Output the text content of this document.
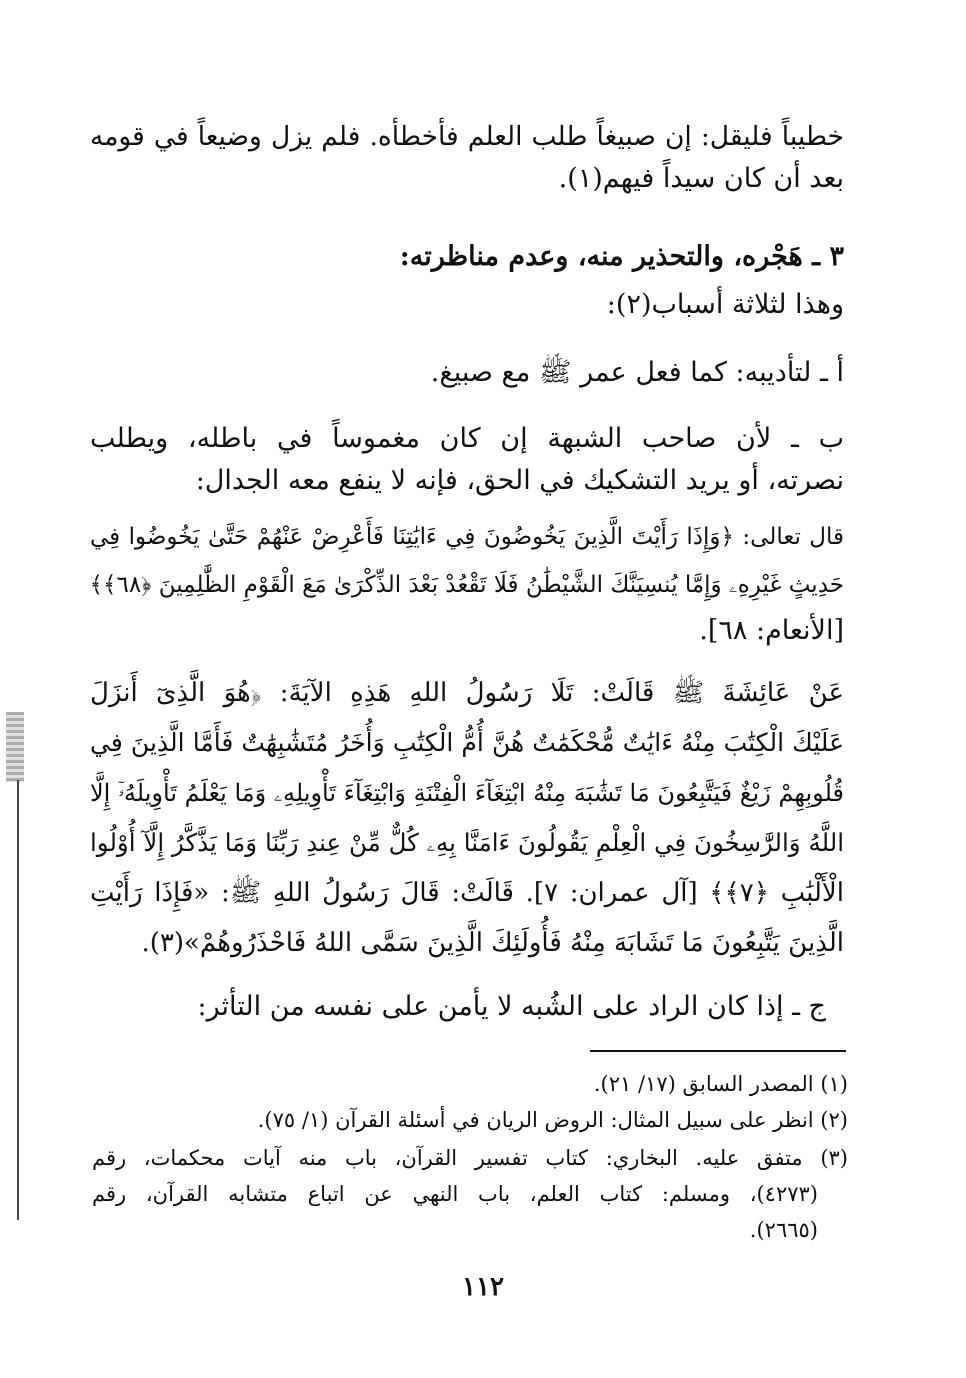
خطيباً فليقل: إن صبيغاً طلب العلم فأخطأه. فلم يزل وضيعاً في قومه
بعد أن كان سيداً فيهم(١).
٣ ـ هَجْره، والتحذير منه، وعدم مناظرته:
وهذا لثلاثة أسباب(٢):
أ ـ لتأديبه: كما فعل عمر ﷺ مع صبيغ.
ب ـ لأن صاحب الشبهة إن كان مغموساً في باطله، ويطلب
نصرته، أو يريد التشكيك في الحق، فإنه لا ينفع معه الجدال:
قال تعالى: ﴿وَإِذَا رَأَيْتَ الَّذِينَ يَخُوضُونَ فِي ءَايَٰتِنَا فَأَعْرِضْ عَنْهُمْ حَتَّىٰ يَخُوضُوا فِي
حَدِيثٍ غَيْرِهِۦ وَإِمَّا يُنسِيَنَّكَ الشَّيْطَٰنُ فَلَا تَقْعُدْ بَعْدَ الذِّكْرَىٰ مَعَ الْقَوْمِ الظَّٰلِمِينَ ﴿٦٨﴾﴾
[الأنعام: ٦٨].
عَنْ عَائِشَةَ ﷺ قَالَتْ: تَلَا رَسُولُ اللهِ هَذِهِ الآيَةَ: ﴿هُوَ الَّذِىٓ أَنزَلَ
عَلَيْكَ الْكِتَٰبَ مِنْهُ ءَايَٰتٌ مُّحْكَمَٰتٌ هُنَّ أُمُّ الْكِتَٰبِ وَأُخَرُ مُتَشَٰبِهَٰتٌ فَأَمَّا الَّذِينَ فِي
قُلُوبِهِمْ زَيْغٌ فَيَتَّبِعُونَ مَا تَشَٰبَهَ مِنْهُ ابْتِغَآءَ الْفِتْنَةِ وَابْتِغَآءَ تَأْوِيلِهِۦ وَمَا يَعْلَمُ تَأْوِيلَهُۥٓ إِلَّا
اللَّهُ وَالرَّٰسِخُونَ فِي الْعِلْمِ يَقُولُونَ ءَامَنَّا بِهِۦ كُلٌّ مِّنْ عِندِ رَبِّنَا وَمَا يَذَّكَّرُ إِلَّآ أُوْلُوا
الْأَلْبَٰبِ ﴿٧﴾﴾ [آل عمران: ٧]. قَالَتْ: قَالَ رَسُولُ اللهِ ﷺ: «فَإِذَا رَأَيْتِ
الَّذِينَ يَتَّبِعُونَ مَا تَشَابَهَ مِنْهُ فَأُولَئِكَ الَّذِينَ سَمَّى اللهُ فَاحْذَرُوهُمْ»(٣).
ج ـ إذا كان الراد على الشُبه لا يأمن على نفسه من التأثر:
(١) المصدر السابق (١٧/ ٢١).
(٢) انظر على سبيل المثال: الروض الريان في أسئلة القرآن (١/ ٧٥).
(٣) متفق عليه. البخاري: كتاب تفسير القرآن، باب منه آيات محكمات، رقم
(٤٢٧٣)، ومسلم: كتاب العلم، باب النهي عن اتباع متشابه القرآن، رقم
(٢٦٦٥).
١١٢
